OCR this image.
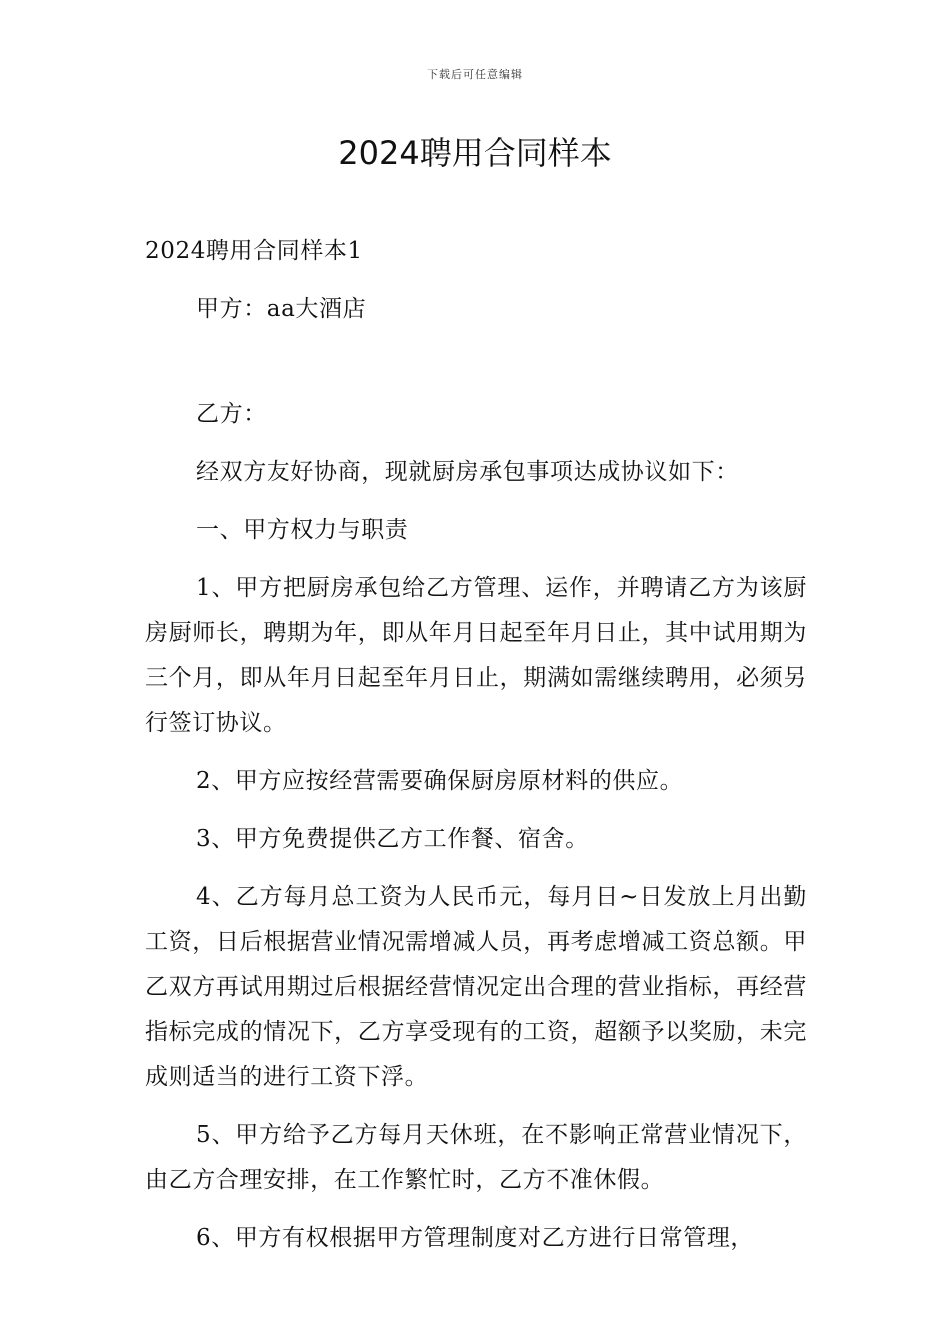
下载后可任意编辑
2024聘用合同样本

2024聘用合同样本1

甲方：aa大酒店

乙方：

经双方友好协商，现就厨房承包事项达成协议如下：

一、甲方权力与职责

1、甲方把厨房承包给乙方管理、运作，并聘请乙方为该厨房厨师长，聘期为年，即从年月日起至年月日止，其中试用期为三个月，即从年月日起至年月日止，期满如需继续聘用，必须另行签订协议。

2、甲方应按经营需要确保厨房原材料的供应。

3、甲方免费提供乙方工作餐、宿舍。

4、乙方每月总工资为人民币元，每月日~日发放上月出勤工资，日后根据营业情况需增减人员，再考虑增减工资总额。甲乙双方再试用期过后根据经营情况定出合理的营业指标，再经营指标完成的情况下，乙方享受现有的工资，超额予以奖励，未完成则适当的进行工资下浮。

5、甲方给予乙方每月天休班，在不影响正常营业情况下，由乙方合理安排，在工作繁忙时，乙方不准休假。

6、甲方有权根据甲方管理制度对乙方进行日常管理，
